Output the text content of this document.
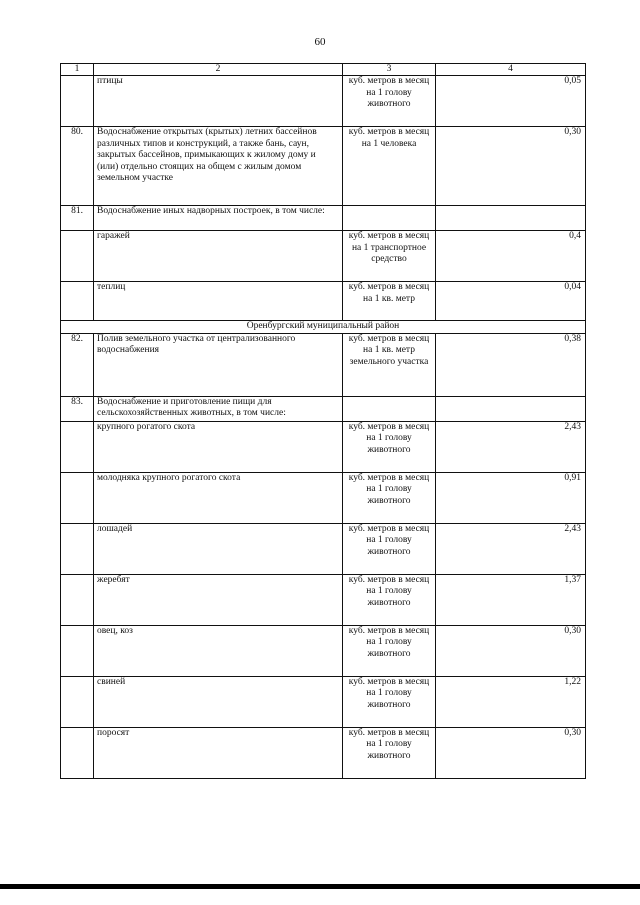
60
1	2	3	4
	птицы	куб. метров в месяц на 1 голову животного	0,05
80.	Водоснабжение открытых (крытых) летних бассейнов различных типов и конструкций, а также бань, саун, закрытых бассейнов, примыкающих к жилому дому и (или) отдельно стоящих на общем с жилым домом земельном участке	куб. метров в месяц на 1 человека	0,30
81.	Водоснабжение иных надворных построек, в том числе:		
	гаражей	куб. метров в месяц на 1 транспортное средство	0,4
	теплиц	куб. метров в месяц на 1 кв. метр	0,04
Оренбургский муниципальный район			
82.	Полив земельного участка от централизованного водоснабжения	куб. метров в месяц на 1 кв. метр земельного участка	0,38
83.	Водоснабжение и приготовление пищи для сельскохозяйственных животных, в том числе:		
	крупного рогатого скота	куб. метров в месяц на 1 голову животного	2,43
	молодняка крупного рогатого скота	куб. метров в месяц на 1 голову животного	0,91
	лошадей	куб. метров в месяц на 1 голову животного	2,43
	жеребят	куб. метров в месяц на 1 голову животного	1,37
	овец, коз	куб. метров в месяц на 1 голову животного	0,30
	свиней	куб. метров в месяц на 1 голову животного	1,22
	поросят	куб. метров в месяц на 1 голову животного	0,30
